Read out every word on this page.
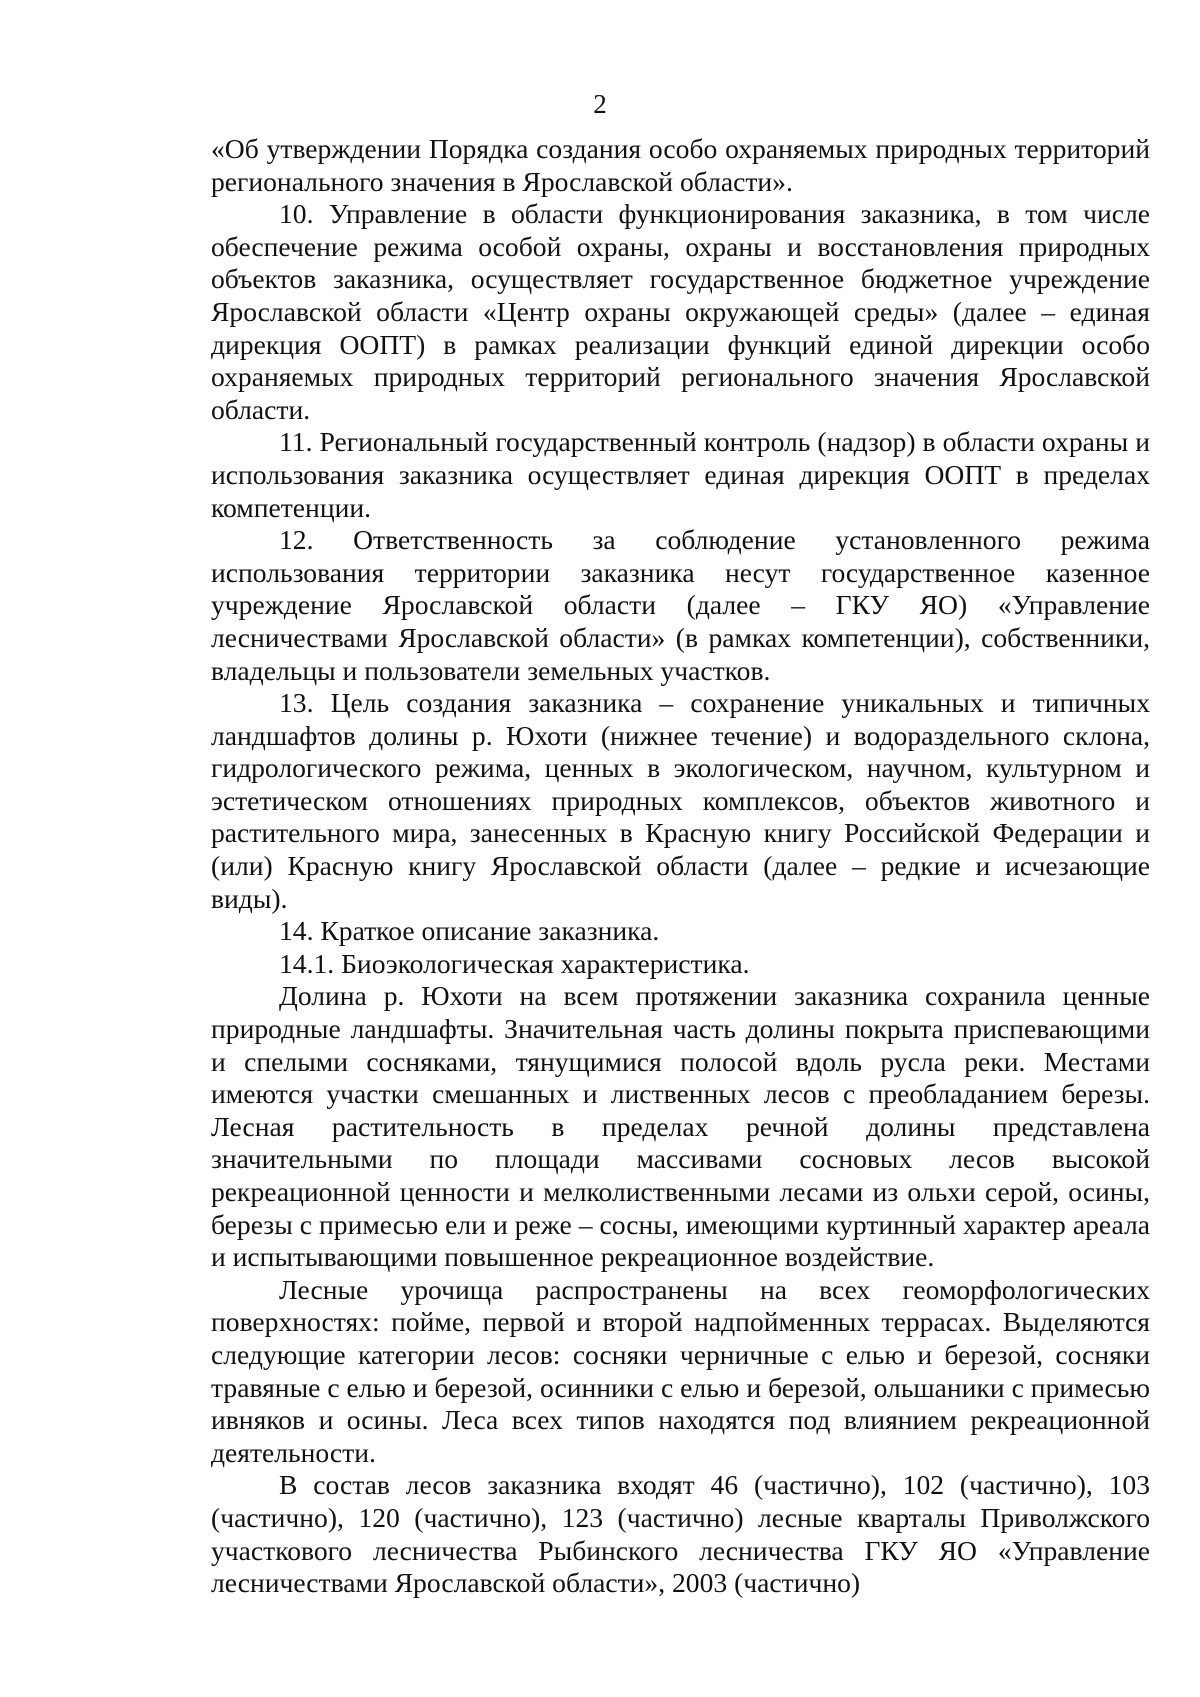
2

«Об утверждении Порядка создания особо охраняемых природных территорий регионального значения в Ярославской области».

10. Управление в области функционирования заказника, в том числе обеспечение режима особой охраны, охраны и восстановления природных объектов заказника, осуществляет государственное бюджетное учреждение Ярославской области «Центр охраны окружающей среды» (далее – единая дирекция ООПТ) в рамках реализации функций единой дирекции особо охраняемых природных территорий регионального значения Ярославской области.

11. Региональный государственный контроль (надзор) в области охраны и использования заказника осуществляет единая дирекция ООПТ в пределах компетенции.

12. Ответственность за соблюдение установленного режима использования территории заказника несут государственное казенное учреждение Ярославской области (далее – ГКУ ЯО) «Управление лесничествами Ярославской области» (в рамках компетенции), собственники, владельцы и пользователи земельных участков.

13. Цель создания заказника – сохранение уникальных и типичных ландшафтов долины р. Юхоти (нижнее течение) и водораздельного склона, гидрологического режима, ценных в экологическом, научном, культурном и эстетическом отношениях природных комплексов, объектов животного и растительного мира, занесенных в Красную книгу Российской Федерации и (или) Красную книгу Ярославской области (далее – редкие и исчезающие виды).

14. Краткое описание заказника.

14.1. Биоэкологическая характеристика.

Долина р. Юхоти на всем протяжении заказника сохранила ценные природные ландшафты. Значительная часть долины покрыта приспевающими и спелыми сосняками, тянущимися полосой вдоль русла реки. Местами имеются участки смешанных и лиственных лесов с преобладанием березы. Лесная растительность в пределах речной долины представлена значительными по площади массивами сосновых лесов высокой рекреационной ценности и мелколиственными лесами из ольхи серой, осины, березы с примесью ели и реже – сосны, имеющими куртинный характер ареала и испытывающими повышенное рекреационное воздействие.

Лесные урочища распространены на всех геоморфологических поверхностях: пойме, первой и второй надпойменных террасах. Выделяются следующие категории лесов: сосняки черничные с елью и березой, сосняки травяные с елью и березой, осинники с елью и березой, ольшаники с примесью ивняков и осины. Леса всех типов находятся под влиянием рекреационной деятельности.

В состав лесов заказника входят 46 (частично), 102 (частично), 103 (частично), 120 (частично), 123 (частично) лесные кварталы Приволжского участкового лесничества Рыбинского лесничества ГКУ ЯО «Управление лесничествами Ярославской области», 2003 (частично)
